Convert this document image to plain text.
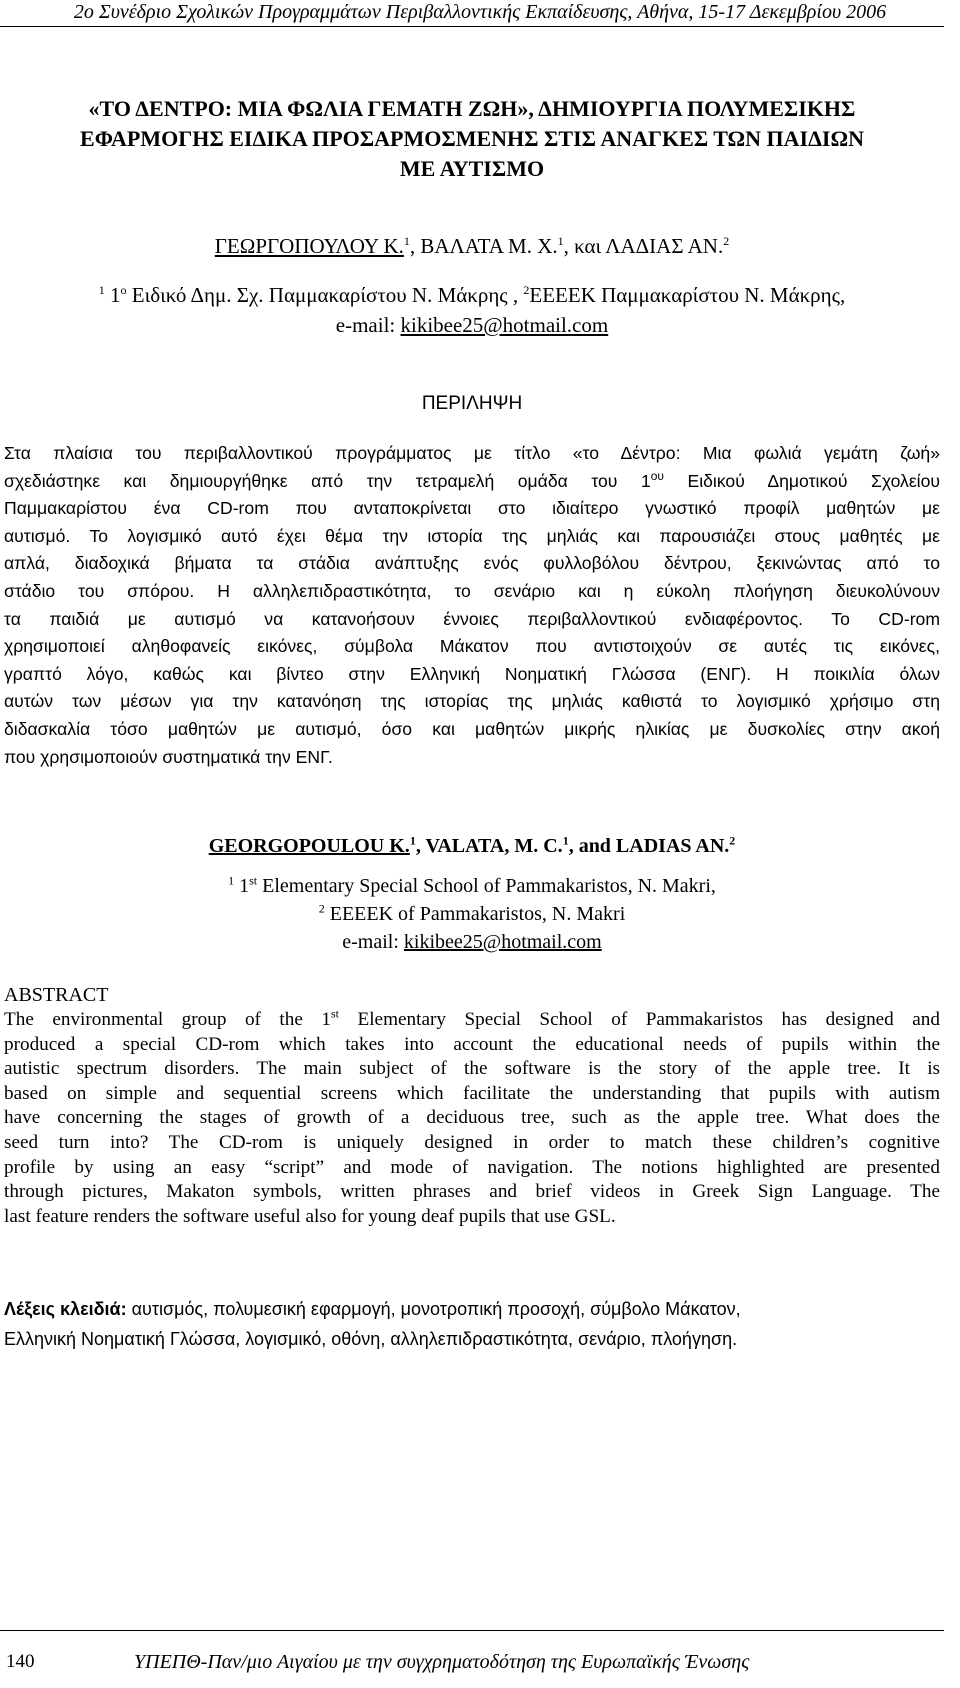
2ο Συνέδριο Σχολικών Προγραμμάτων Περιβαλλοντικής Εκπαίδευσης, Αθήνα, 15-17 Δεκεμβρίου 2006
«ΤΟ ΔΕΝΤΡΟ: ΜΙΑ ΦΩΛΙΑ ΓΕΜΑΤΗ ΖΩΗ», ΔΗΜΙΟΥΡΓΙΑ ΠΟΛΥΜΕΣΙΚΗΣ
ΕΦΑΡΜΟΓΗΣ ΕΙΔΙΚΑ ΠΡΟΣΑΡΜΟΣΜΕΝΗΣ ΣΤΙΣ ΑΝΑΓΚΕΣ ΤΩΝ ΠΑΙΔΙΩΝ
ΜΕ ΑΥΤΙΣΜΟ
ΓΕΩΡΓΟΠΟΥΛΟΥ Κ.$^1$, ΒΑΛΑΤΑ Μ. Χ.$^1$, και ΛΑΔΙΑΣ ΑΝ.$^2$
$^1$ $1^o$ Ειδικό Δημ. Σχ. Παμμακαρίστου Ν. Μάκρης , $^2$ΕΕΕΕΚ Παμμακαρίστου Ν. Μάκρης,
e-mail: kikibee25@hotmail.com
ΠΕΡΙΛΗΨΗ
Στα πλαίσια του περιβαλλοντικού προγράμματος με τίτλο «το Δέντρο: Μια φωλιά γεμάτη ζωή»
σχεδιάστηκε και δημιουργήθηκε από την τετραμελή ομάδα του $1^{o\upsilon}$ Ειδικού Δημοτικού Σχολείου
Παμμακαρίστου ένα CD-rom που ανταποκρίνεται στο ιδιαίτερο γνωστικό προφίλ μαθητών με
αυτισμό. Το λογισμικό αυτό έχει θέμα την ιστορία της μηλιάς και παρουσιάζει στους μαθητές με
απλά, διαδοχικά βήματα τα στάδια ανάπτυξης ενός φυλλοβόλου δέντρου, ξεκινώντας από το
στάδιο του σπόρου. Η αλληλεπιδραστικότητα, το σενάριο και η εύκολη πλοήγηση διευκολύνουν
τα παιδιά με αυτισμό να κατανοήσουν έννοιες περιβαλλοντικού ενδιαφέροντος. Το CD-rom
χρησιμοποιεί αληθοφανείς εικόνες, σύμβολα Μάκατον που αντιστοιχούν σε αυτές τις εικόνες,
γραπτό λόγο, καθώς και βίντεο στην Ελληνική Νοηματική Γλώσσα (ΕΝΓ). Η ποικιλία όλων
αυτών των μέσων για την κατανόηση της ιστορίας της μηλιάς καθιστά το λογισμικό χρήσιμο στη
διδασκαλία τόσο μαθητών με αυτισμό, όσο και μαθητών μικρής ηλικίας με δυσκολίες στην ακοή
που χρησιμοποιούν συστηματικά την ΕΝΓ.
GEORGOPOULOU K.$^1$, VALATA, M. C.$^1$, and LADIAS AN.$^2$
$^1$ 1st Elementary Special School of Pammakaristos, N. Makri,
$^2$ EEEEK of Pammakaristos, N. Makri
e-mail: kikibee25@hotmail.com
ABSTRACT
The environmental group of the 1st Elementary Special School of Pammakaristos has designed and
produced a special CD-rom which takes into account the educational needs of pupils within the
autistic spectrum disorders. The main subject of the software is the story of the apple tree. It is
based on simple and sequential screens which facilitate the understanding that pupils with autism
have concerning the stages of growth of a deciduous tree, such as the apple tree. What does the
seed turn into? The CD-rom is uniquely designed in order to match these children’s cognitive
profile by using an easy “script” and mode of navigation. The notions highlighted are presented
through pictures, Makaton symbols, written phrases and brief videos in Greek Sign Language. The
last feature renders the software useful also for young deaf pupils that use GSL.
Λέξεις κλειδιά: αυτισμός, πολυμεσική εφαρμογή, μονοτροπική προσοχή, σύμβολο Μάκατον,
Ελληνική Νοηματική Γλώσσα, λογισμικό, οθόνη, αλληλεπιδραστικότητα, σενάριο, πλοήγηση.
140	ΥΠΕΠΘ-Παν/μιο Αιγαίου με την συγχρηματοδότηση της Ευρωπαϊκής Ένωσης
